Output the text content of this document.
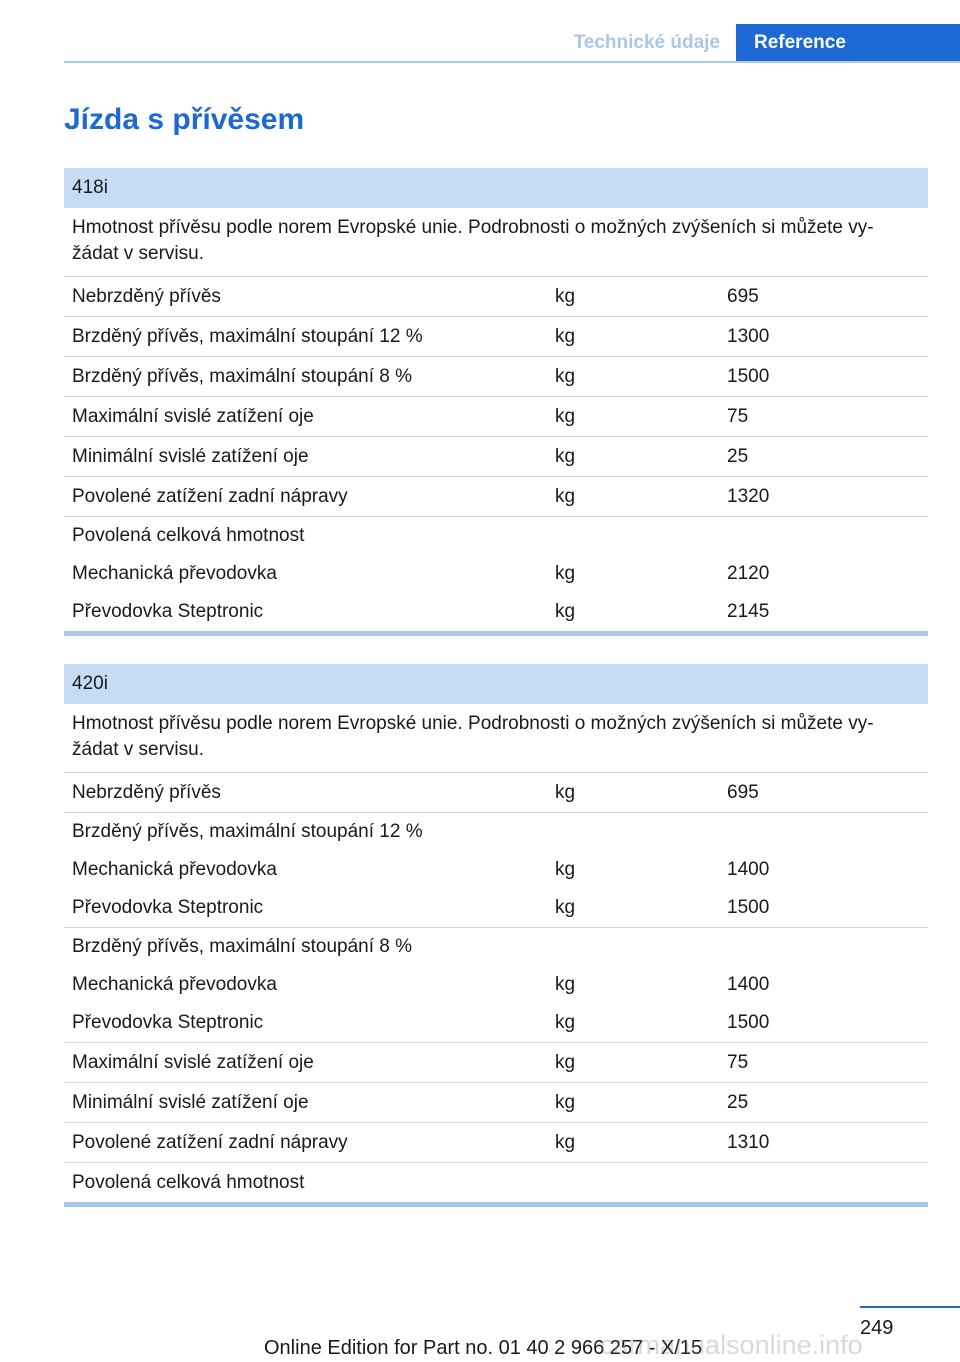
Technické údaje	Reference
Jízda s přívěsem
418i		
Hmotnost přívěsu podle norem Evropské unie. Podrobnosti o možných zvýšeních si můžete vy‐ žádat v servisu.		
Nebrzděný přívěs	kg	695
Brzděný přívěs, maximální stoupání 12 %	kg	1300
Brzděný přívěs, maximální stoupání 8 %	kg	1500
Maximální svislé zatížení oje	kg	75
Minimální svislé zatížení oje	kg	25
Povolené zatížení zadní nápravy	kg	1320
Povolená celková hmotnost		
Mechanická převodovka	kg	2120
Převodovka Steptronic	kg	2145
420i		
Hmotnost přívěsu podle norem Evropské unie. Podrobnosti o možných zvýšeních si můžete vy‐ žádat v servisu.		
Nebrzděný přívěs	kg	695
Brzděný přívěs, maximální stoupání 12 %		
Mechanická převodovka	kg	1400
Převodovka Steptronic	kg	1500
Brzděný přívěs, maximální stoupání 8 %		
Mechanická převodovka	kg	1400
Převodovka Steptronic	kg	1500
Maximální svislé zatížení oje	kg	75
Minimální svislé zatížení oje	kg	25
Povolené zatížení zadní nápravy	kg	1310
Povolená celková hmotnost		
249
Online Edition for Part no. 01 40 2 966 257 - X/15
carmanualsonline.info
